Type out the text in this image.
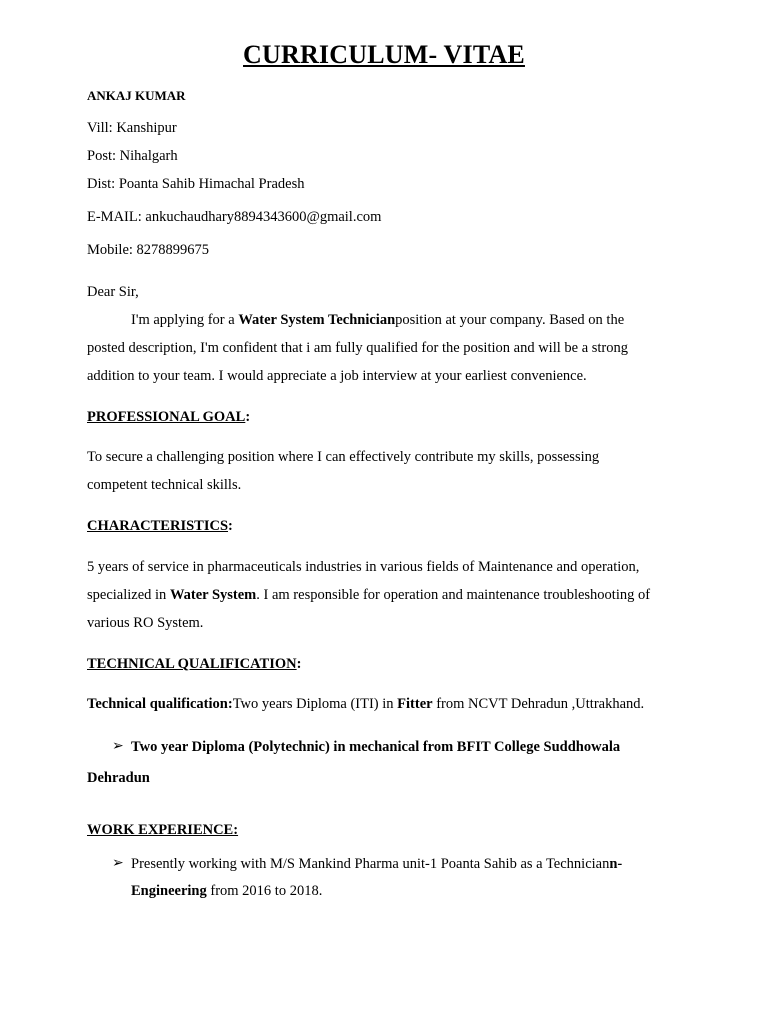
CURRICULUM- VITAE
ANKAJ KUMAR
Vill: Kanshipur
Post: Nihalgarh
Dist: Poanta Sahib Himachal Pradesh
E-MAIL: ankuchaudhary8894343600@gmail.com
Mobile: 8278899675
Dear Sir,
I'm applying for a Water System Technicianposition at your company. Based on the
posted description, I'm confident that i am fully qualified for the position and will be a strong
addition to your team. I would appreciate a job interview at your earliest convenience.
PROFESSIONAL GOAL:
To secure a challenging position where I can effectively contribute my skills, possessing
competent technical skills.
CHARACTERISTICS:
5 years of service in pharmaceuticals industries in various fields of Maintenance and operation,
specialized in Water System. I am responsible for operation and maintenance troubleshooting of
various RO System.
TECHNICAL QUALIFICATION:
Technical qualification:Two years Diploma (ITI) in Fitter from NCVT Dehradun ,Uttrakhand.
➢ Two year Diploma (Polytechnic) in mechanical from BFIT College Suddhowala
Dehradun
WORK EXPERIENCE:
➢ Presently working with M/S Mankind Pharma unit-1 Poanta Sahib as a Techniciann-
Engineering from 2016 to 2018.
